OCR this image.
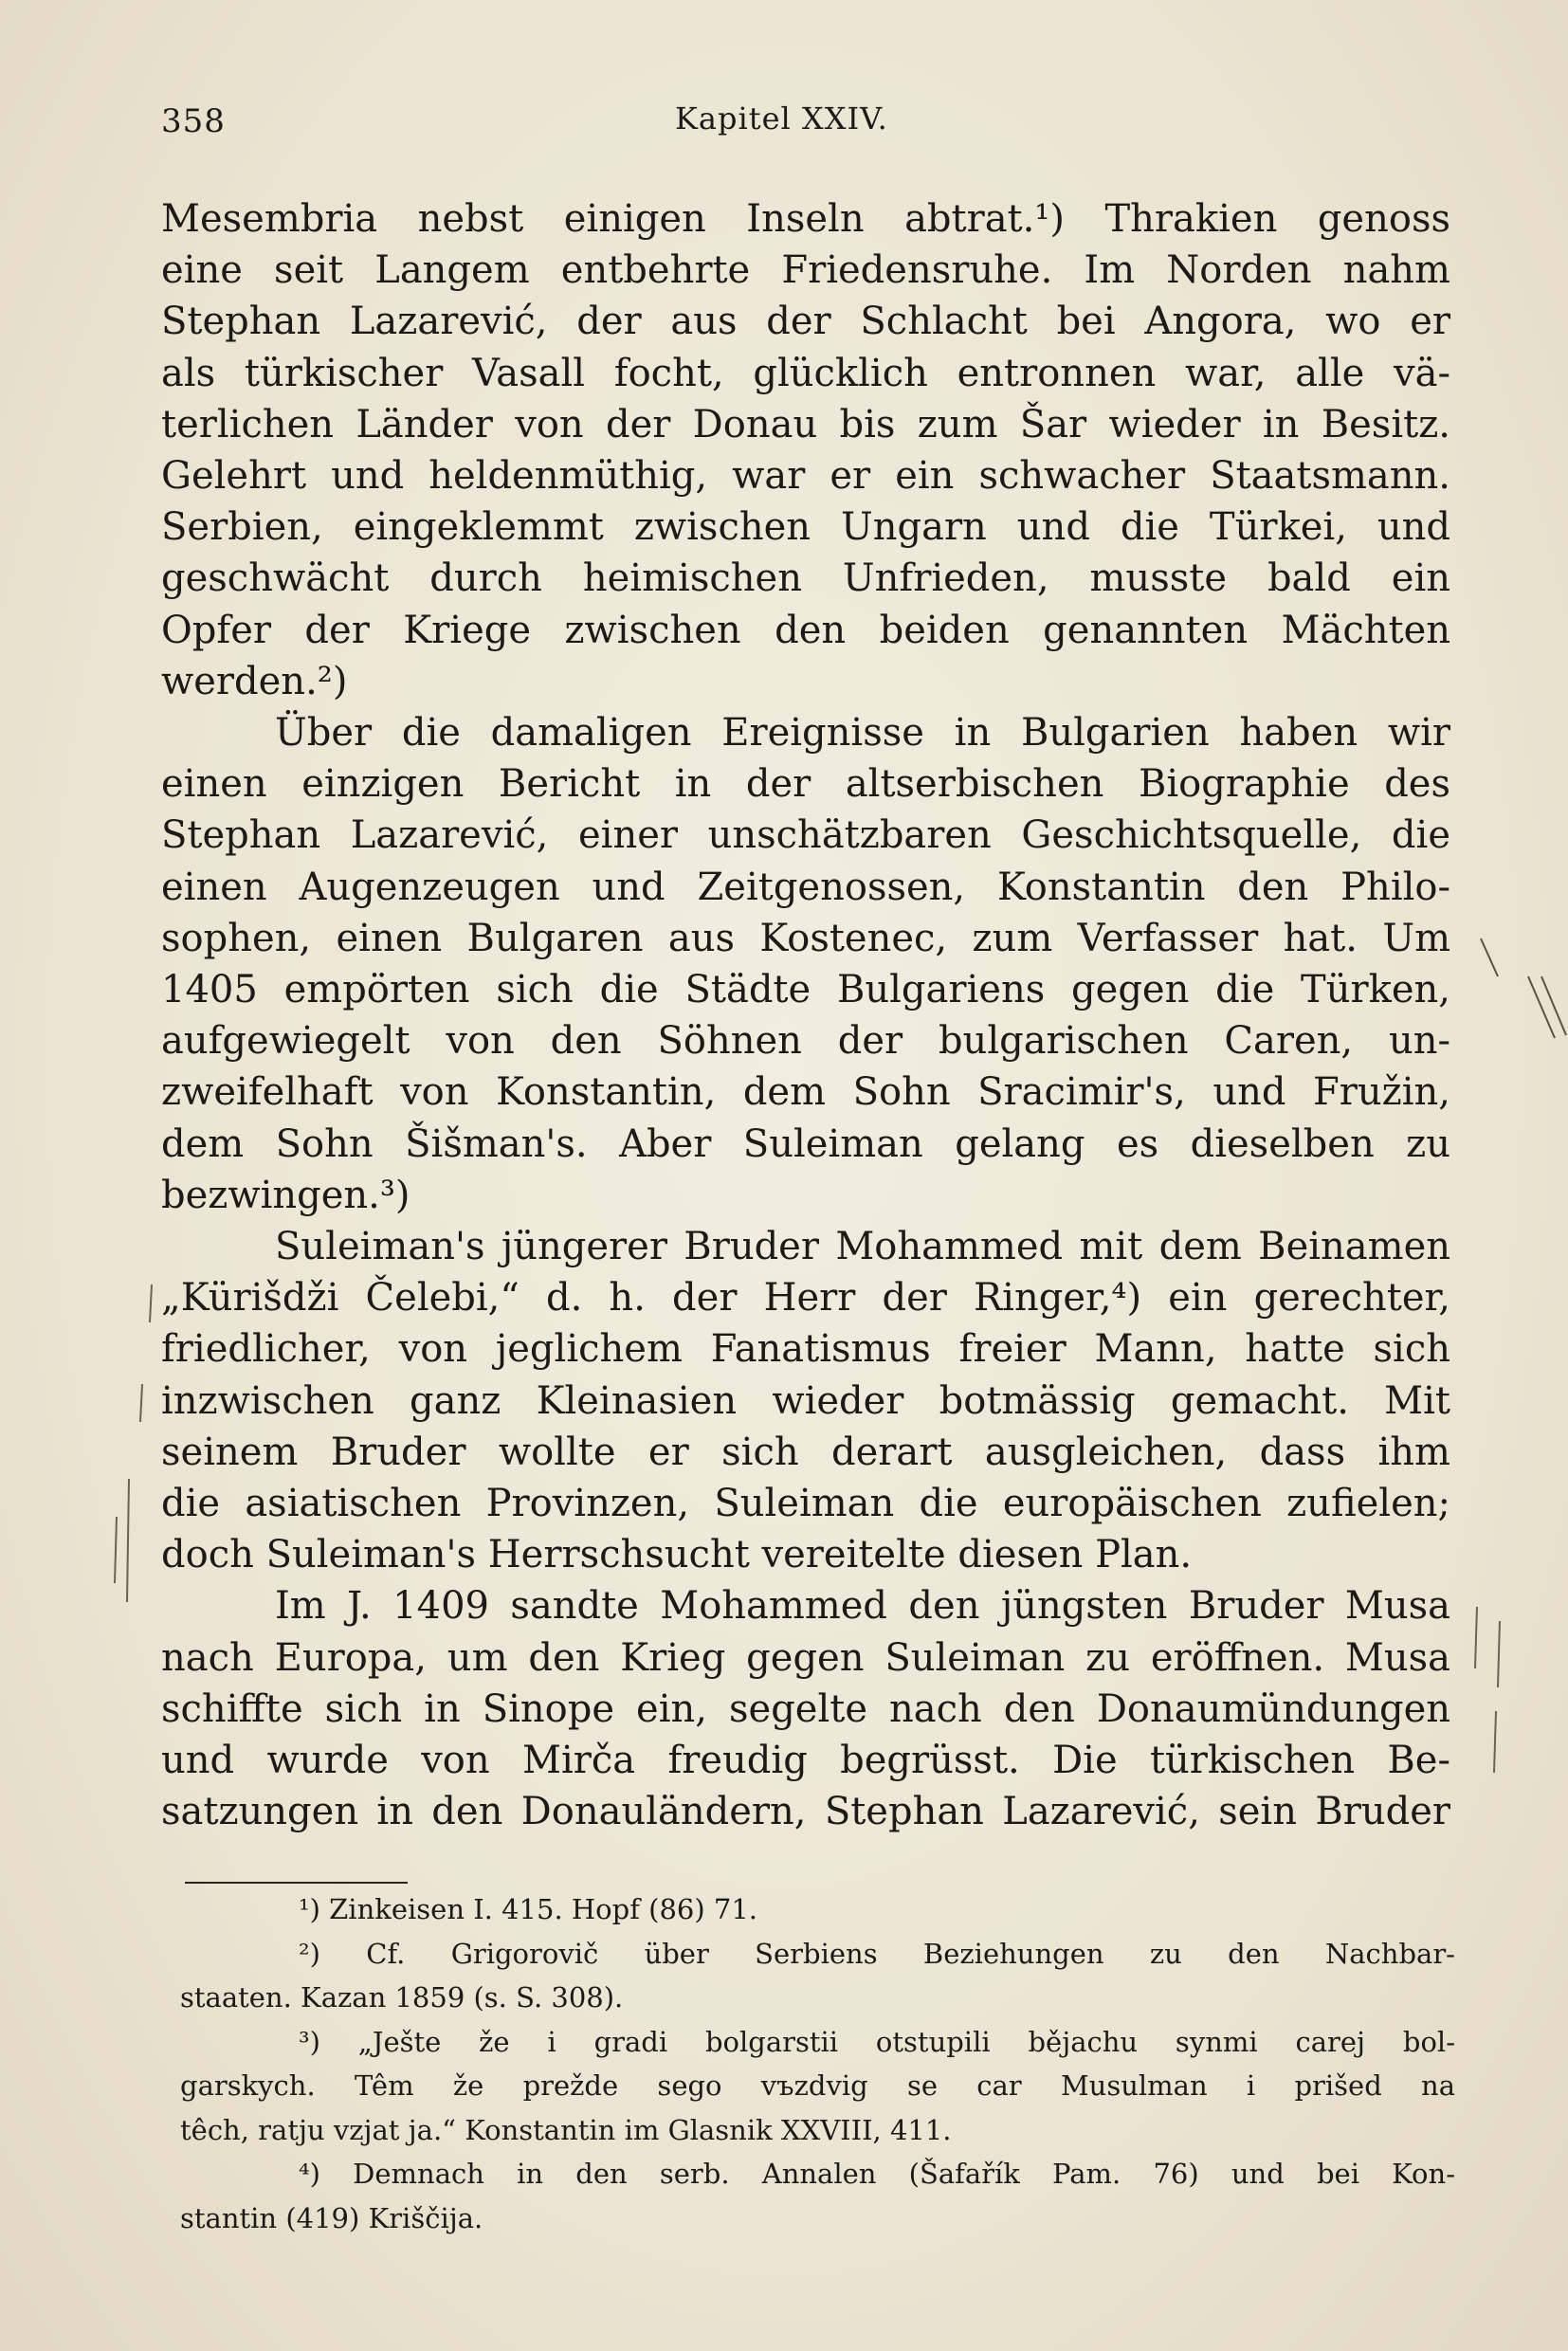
358	Kapitel XXIV.
Mesembria nebst einigen Inseln abtrat.¹) Thrakien genoss
eine seit Langem entbehrte Friedensruhe. Im Norden nahm
Stephan Lazarević, der aus der Schlacht bei Angora, wo er
als türkischer Vasall focht, glücklich entronnen war, alle vä-
terlichen Länder von der Donau bis zum Šar wieder in Besitz.
Gelehrt und heldenmüthig, war er ein schwacher Staatsmann.
Serbien, eingeklemmt zwischen Ungarn und die Türkei, und
geschwächt durch heimischen Unfrieden, musste bald ein
Opfer der Kriege zwischen den beiden genannten Mächten
werden.²)
Über die damaligen Ereignisse in Bulgarien haben wir
einen einzigen Bericht in der altserbischen Biographie des
Stephan Lazarević, einer unschätzbaren Geschichtsquelle, die
einen Augenzeugen und Zeitgenossen, Konstantin den Philo-
sophen, einen Bulgaren aus Kostenec, zum Verfasser hat. Um
1405 empörten sich die Städte Bulgariens gegen die Türken,
aufgewiegelt von den Söhnen der bulgarischen Caren, un-
zweifelhaft von Konstantin, dem Sohn Sracimir's, und Fružin,
dem Sohn Šišman's. Aber Suleiman gelang es dieselben zu
bezwingen.³)
Suleiman's jüngerer Bruder Mohammed mit dem Beinamen
„Kürišdži Čelebi,“ d. h. der Herr der Ringer,⁴) ein gerechter,
friedlicher, von jeglichem Fanatismus freier Mann, hatte sich
inzwischen ganz Kleinasien wieder botmässig gemacht. Mit
seinem Bruder wollte er sich derart ausgleichen, dass ihm
die asiatischen Provinzen, Suleiman die europäischen zufielen;
doch Suleiman's Herrschsucht vereitelte diesen Plan.
Im J. 1409 sandte Mohammed den jüngsten Bruder Musa
nach Europa, um den Krieg gegen Suleiman zu eröffnen. Musa
schiffte sich in Sinope ein, segelte nach den Donaumündungen
und wurde von Mirča freudig begrüsst. Die türkischen Be-
satzungen in den Donauländern, Stephan Lazarević, sein Bruder
¹) Zinkeisen I. 415. Hopf (86) 71.
²) Cf. Grigorovič über Serbiens Beziehungen zu den Nachbar-
staaten. Kazan 1859 (s. S. 308).
³) „Ješte že i gradi bolgarstii otstupili bějachu synmi carej bol-
garskych. Têm že prežde sego vъzdvig se car Musulman i prišed na
têch, ratju vzjat ja.“ Konstantin im Glasnik XXVIII, 411.
⁴) Demnach in den serb. Annalen (Šafařík Pam. 76) und bei Kon-
stantin (419) Kriščija.
